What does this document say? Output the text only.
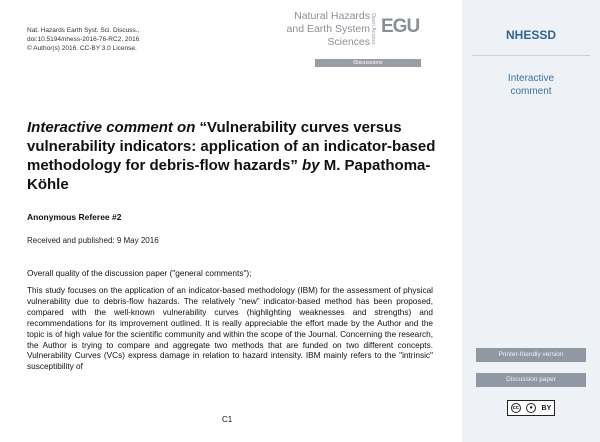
Nat. Hazards Earth Syst. Sci. Discuss.,
doi:10.5194/nhess-2016-76-RC2, 2016
© Author(s) 2016. CC-BY 3.0 License.
Natural Hazards
and Earth System
Sciences Open Access EGU
Discussions
Interactive comment on “Vulnerability curves versus vulnerability indicators: application of an indicator-based methodology for debris-flow hazards” by M. Papathoma-Köhle
Anonymous Referee #2
Received and published: 9 May 2016
Overall quality of the discussion paper ("general comments");
This study focuses on the application of an indicator-based methodology (IBM) for the assessment of physical vulnerability due to debris-flow hazards. The relatively “new” indicator-based method has been proposed, compared with the well-known vulnerability curves (highlighting weaknesses and strengths) and recommendations for its improvement outlined. It is really appreciable the effort made by the Author and the topic is of high value for the scientific community and within the scope of the Journal. Concerning the research, the Author is trying to compare and aggregate two methods that are funded on two different concepts. Vulnerability Curves (VCs) express damage in relation to hazard intensity. IBM mainly refers to the "intrinsic" susceptibility of
C1
NHESSD
Interactive
comment
Printer-friendly version
Discussion paper
cc	●	BY
